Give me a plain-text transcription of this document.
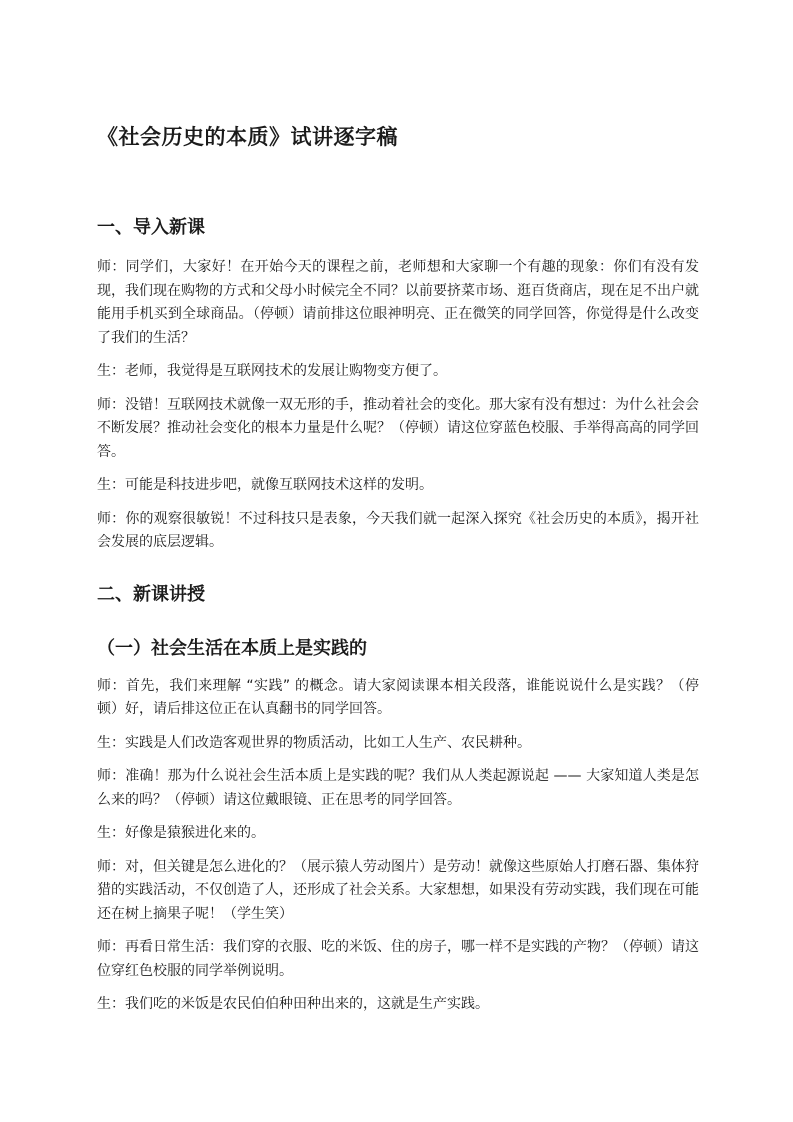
《社会历史的本质》试讲逐字稿
一、导入新课

师：同学们，大家好！在开始今天的课程之前，老师想和大家聊一个有趣的现象：你们有没有发现，我们现在购物的方式和父母小时候完全不同？以前要挤菜市场、逛百货商店，现在足不出户就能用手机买到全球商品。（停顿）请前排这位眼神明亮、正在微笑的同学回答，你觉得是什么改变了我们的生活？

生：老师，我觉得是互联网技术的发展让购物变方便了。

师：没错！互联网技术就像一双无形的手，推动着社会的变化。那大家有没有想过：为什么社会会不断发展？推动社会变化的根本力量是什么呢？（停顿）请这位穿蓝色校服、手举得高高的同学回答。

生：可能是科技进步吧，就像互联网技术这样的发明。

师：你的观察很敏锐！不过科技只是表象，今天我们就一起深入探究《社会历史的本质》，揭开社会发展的底层逻辑。

二、新课讲授
（一）社会生活在本质上是实践的

师：首先，我们来理解 “实践” 的概念。请大家阅读课本相关段落，谁能说说什么是实践？（停顿）好，请后排这位正在认真翻书的同学回答。

生：实践是人们改造客观世界的物质活动，比如工人生产、农民耕种。

师：准确！那为什么说社会生活本质上是实践的呢？我们从人类起源说起 —— 大家知道人类是怎么来的吗？（停顿）请这位戴眼镜、正在思考的同学回答。

生：好像是猿猴进化来的。

师：对，但关键是怎么进化的？（展示猿人劳动图片）是劳动！就像这些原始人打磨石器、集体狩猎的实践活动，不仅创造了人，还形成了社会关系。大家想想，如果没有劳动实践，我们现在可能还在树上摘果子呢！（学生笑）

师：再看日常生活：我们穿的衣服、吃的米饭、住的房子，哪一样不是实践的产物？（停顿）请这位穿红色校服的同学举例说明。

生：我们吃的米饭是农民伯伯种田种出来的，这就是生产实践。
